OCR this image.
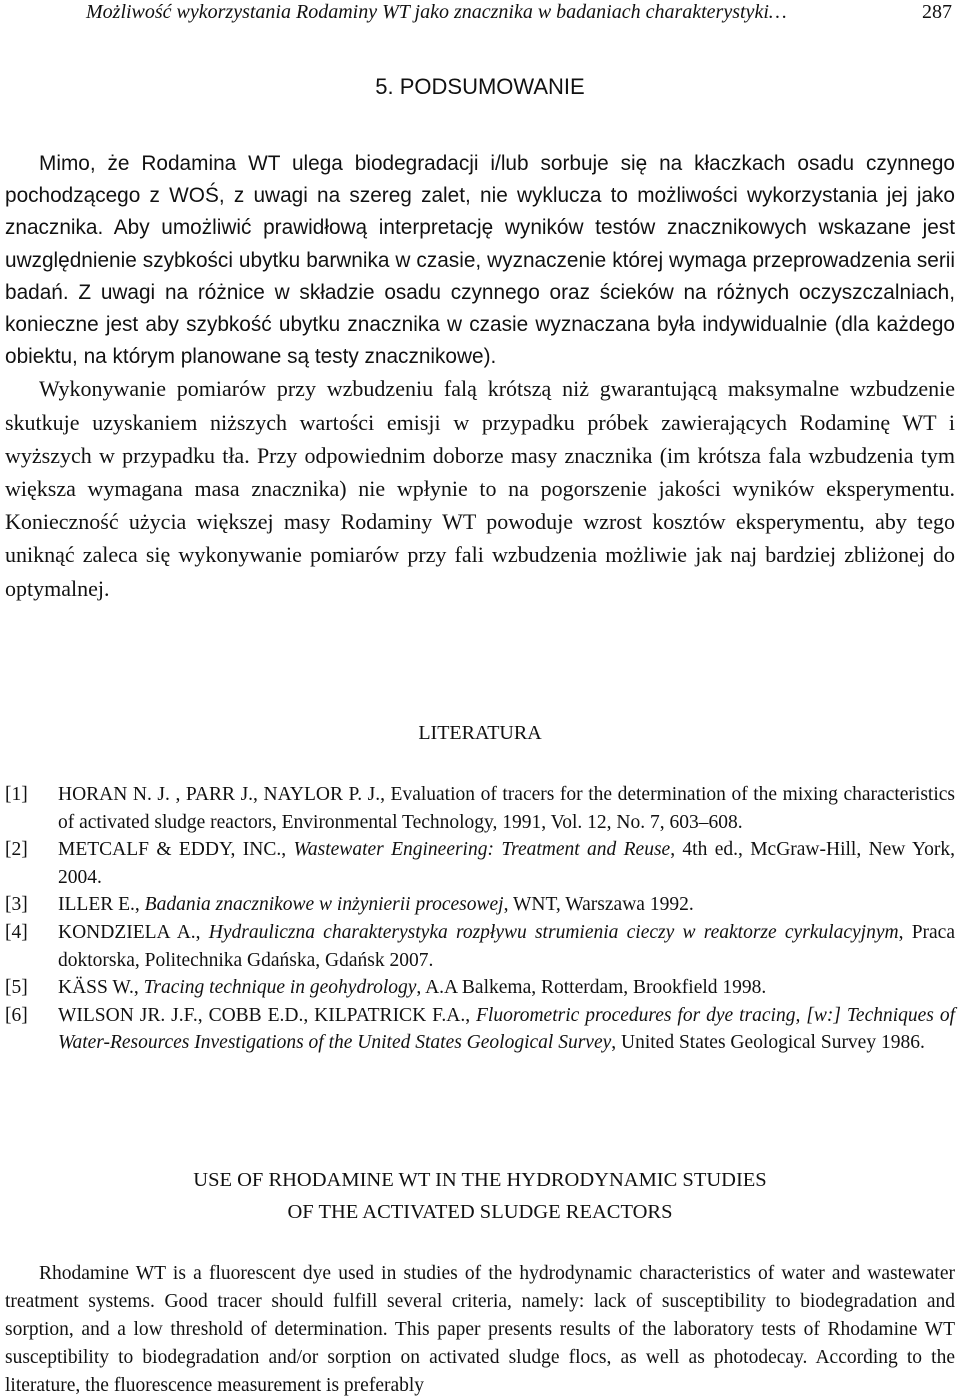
Możliwość wykorzystania Rodaminy WT jako znacznika w badaniach charakterystyki…	287
5. PODSUMOWANIE

Mimo, że Rodamina WT ulega biodegradacji i/lub sorbuje się na kłaczkach osadu czynnego pochodzącego z WOŚ, z uwagi na szereg zalet, nie wyklucza to możliwości wykorzystania jej jako znacznika. Aby umożliwić prawidłową interpretację wyników testów znacznikowych wskazane jest uwzględnienie szybkości ubytku barwnika w czasie, wyznaczenie której wymaga przeprowadzenia serii badań. Z uwagi na różnice w składzie osadu czynnego oraz ścieków na różnych oczyszczalniach, konieczne jest aby szybkość ubytku znacznika w czasie wyznaczana była indywidualnie (dla każdego obiektu, na którym planowane są testy znacznikowe).

Wykonywanie pomiarów przy wzbudzeniu falą krótszą niż gwarantującą maksymalne wzbudzenie skutkuje uzyskaniem niższych wartości emisji w przypadku próbek zawierających Rodaminę WT i wyższych w przypadku tła. Przy odpowiednim doborze masy znacznika (im krótsza fala wzbudzenia tym większa wymagana masa znacznika) nie wpłynie to na pogorszenie jakości wyników eksperymentu. Konieczność użycia większej masy Rodaminy WT powoduje wzrost kosztów eksperymentu, aby tego uniknąć zaleca się wykonywanie pomiarów przy fali wzbudzenia możliwie jak naj bardziej zbliżonej do optymalnej.

LITERATURA

[1] HORAN N. J. , PARR J., NAYLOR P. J., Evaluation of tracers for the determination of the mixing characteristics of activated sludge reactors, Environmental Technology, 1991, Vol. 12, No. 7, 603–608.

[2] METCALF & EDDY, INC., Wastewater Engineering: Treatment and Reuse, 4th ed., McGraw-Hill, New York, 2004.

[3] ILLER E., Badania znacznikowe w inżynierii procesowej, WNT, Warszawa 1992.

[4] KONDZIELA A., Hydrauliczna charakterystyka rozpływu strumienia cieczy w reaktorze cyrkulacyjnym, Praca doktorska, Politechnika Gdańska, Gdańsk 2007.

[5] KÄSS W., Tracing technique in geohydrology, A.A Balkema, Rotterdam, Brookfield 1998.

[6] WILSON JR. J.F., COBB E.D., KILPATRICK F.A., Fluorometric procedures for dye tracing, [w:] Techniques of Water-Resources Investigations of the United States Geological Survey, United States Geological Survey 1986.

USE OF RHODAMINE WT IN THE HYDRODYNAMIC STUDIES
OF THE ACTIVATED SLUDGE REACTORS

Rhodamine WT is a fluorescent dye used in studies of the hydrodynamic characteristics of water and wastewater treatment systems. Good tracer should fulfill several criteria, namely: lack of susceptibility to biodegradation and sorption, and a low threshold of determination. This paper presents results of the laboratory tests of Rhodamine WT susceptibility to biodegradation and/or sorption on activated sludge flocs, as well as photodecay. According to the literature, the fluorescence measurement is preferably
